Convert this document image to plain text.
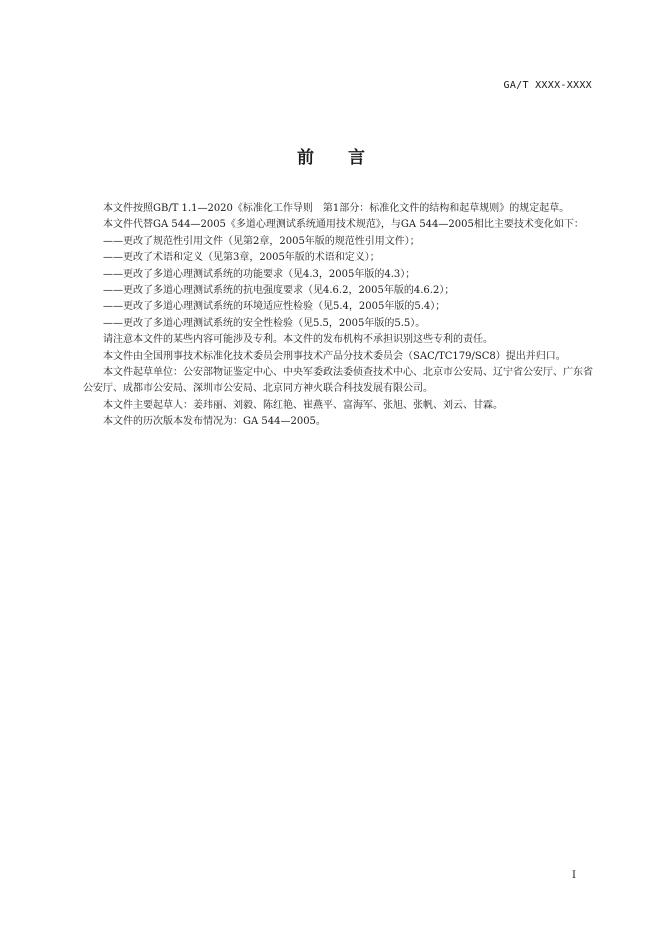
GA/T XXXX-XXXX
前 言

本文件按照GB/T 1.1—2020《标准化工作导则　第1部分：标准化文件的结构和起草规则》的规定起草。

本文件代替GA 544—2005《多道心理测试系统通用技术规范》，与GA 544—2005相比主要技术变化如下：

——更改了规范性引用文件（见第2章，2005年版的规范性引用文件）；

——更改了术语和定义（见第3章，2005年版的术语和定义）；

——更改了多道心理测试系统的功能要求（见4.3，2005年版的4.3）；

——更改了多道心理测试系统的抗电强度要求（见4.6.2，2005年版的4.6.2）；

——更改了多道心理测试系统的环境适应性检验（见5.4，2005年版的5.4）；

——更改了多道心理测试系统的安全性检验（见5.5，2005年版的5.5）。

请注意本文件的某些内容可能涉及专利。本文件的发布机构不承担识别这些专利的责任。

本文件由全国刑事技术标准化技术委员会刑事技术产品分技术委员会（SAC/TC179/SC8）提出并归口。

本文件起草单位：公安部物证鉴定中心、中央军委政法委侦查技术中心、北京市公安局、辽宁省公安厅、广东省公安厅、成都市公安局、深圳市公安局、北京同方神火联合科技发展有限公司。

本文件主要起草人：姜玮丽、刘毅、陈红艳、崔燕平、富海军、张旭、张帆、刘云、甘霖。

本文件的历次版本发布情况为：GA 544—2005。

I
